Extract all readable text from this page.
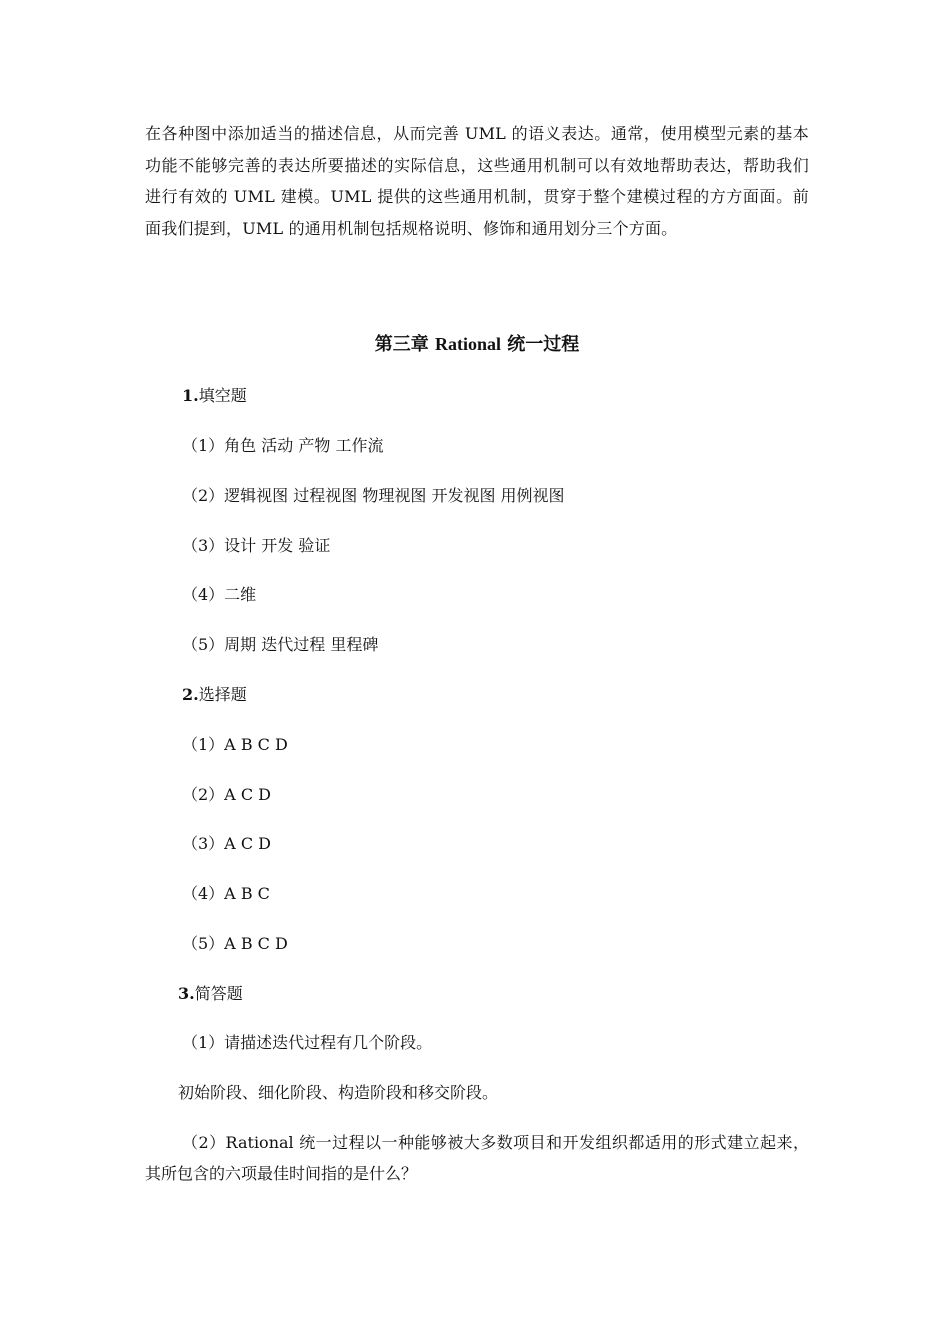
在各种图中添加适当的描述信息，从而完善 UML 的语义表达。通常，使用模型元素的基本功能不能够完善的表达所要描述的实际信息，这些通用机制可以有效地帮助表达，帮助我们进行有效的 UML 建模。UML 提供的这些通用机制，贯穿于整个建模过程的方方面面。前面我们提到，UML 的通用机制包括规格说明、修饰和通用划分三个方面。

第三章 Rational 统一过程

1.填空题

（1）角色 活动 产物 工作流

（2）逻辑视图 过程视图 物理视图 开发视图 用例视图

（3）设计 开发 验证

（4）二维

（5）周期 迭代过程 里程碑

2.选择题

（1）A B C D

（2）A C D

（3）A C D

（4）A B C

（5）A B C D

3.简答题

（1）请描述迭代过程有几个阶段。

初始阶段、细化阶段、构造阶段和移交阶段。

（2）Rational 统一过程以一种能够被大多数项目和开发组织都适用的形式建立起来，其所包含的六项最佳时间指的是什么？
